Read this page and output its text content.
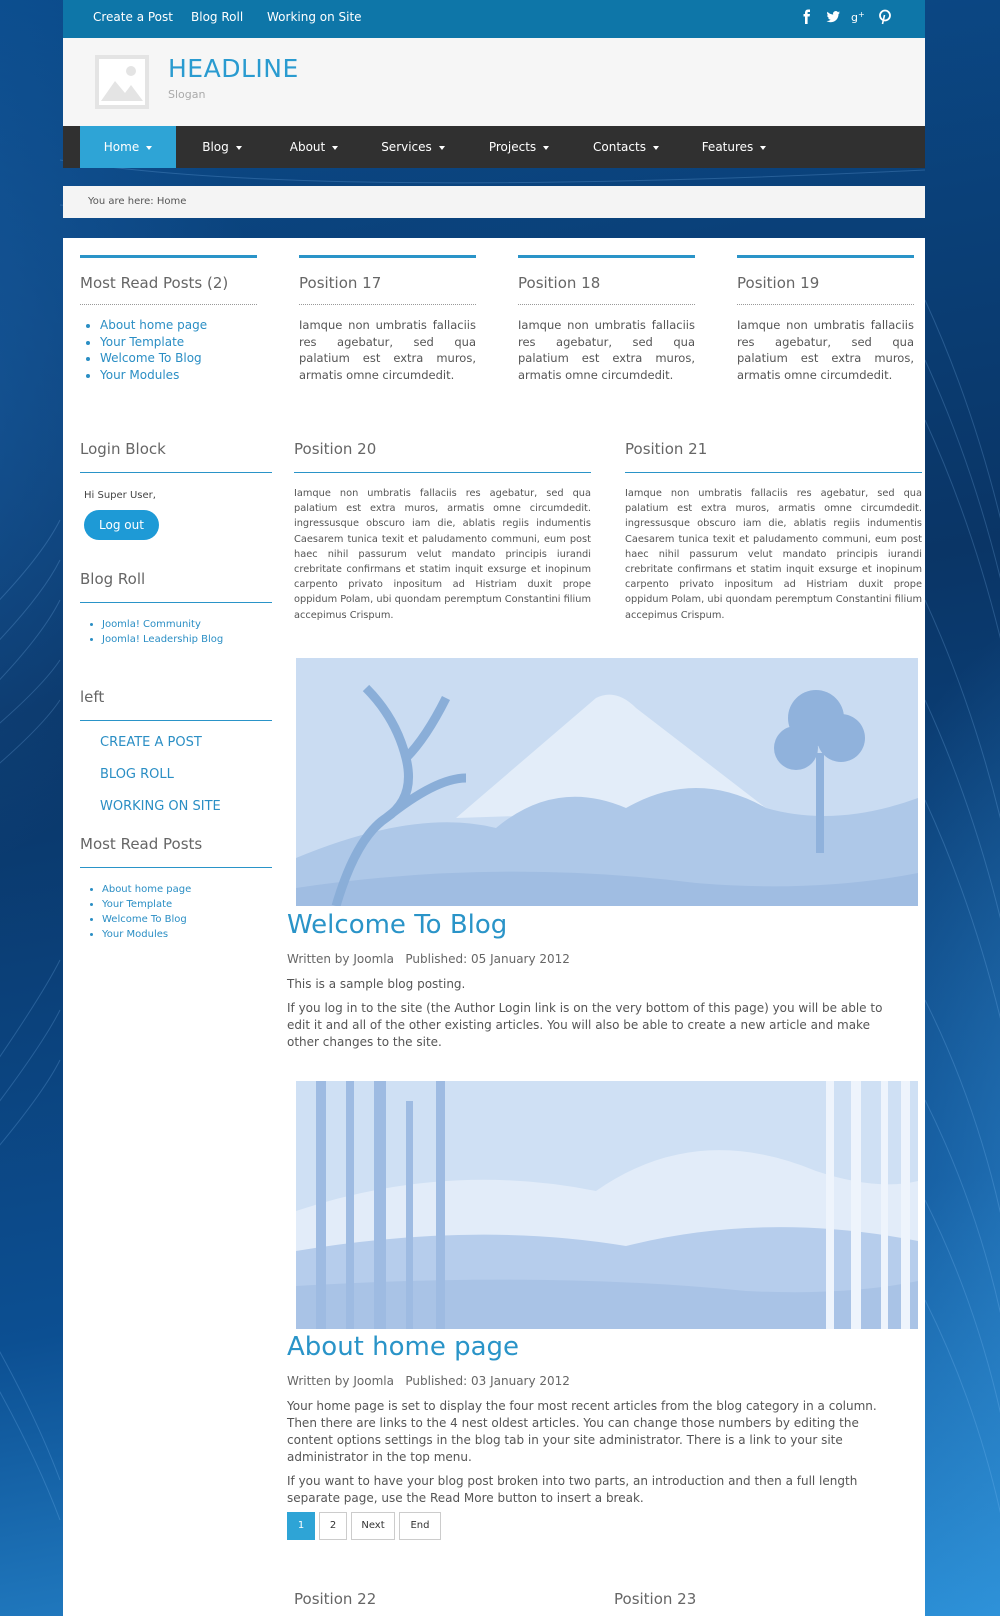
Create a Post Blog Roll Working on Site	g +
HEADLINE
Slogan
Home	Blog	About	Services	Projects	Contacts	Features
You are here: Home
Most Read Posts (2)
• About home page
• Your Template
• Welcome To Blog
• Your Modules
Position 17
Iamque non umbratis fallaciis res agebatur, sed qua palatium est extra muros, armatis omne circumdedit.
Position 18
Iamque non umbratis fallaciis res agebatur, sed qua palatium est extra muros, armatis omne circumdedit.
Position 19
Iamque non umbratis fallaciis res agebatur, sed qua palatium est extra muros, armatis omne circumdedit.
Login Block
Hi Super User,
Log out
Blog Roll
• Joomla! Community
• Joomla! Leadership Blog
left
CREATE A POST
BLOG ROLL
WORKING ON SITE
Most Read Posts
• About home page
• Your Template
• Welcome To Blog
• Your Modules
Position 20
Iamque non umbratis fallaciis res agebatur, sed qua palatium est extra muros, armatis omne circumdedit. ingressusque obscuro iam die, ablatis regiis indumentis Caesarem tunica texit et paludamento communi, eum post haec nihil passurum velut mandato principis iurandi crebritate confirmans et statim inquit exsurge et inopinum carpento privato inpositum ad Histriam duxit prope oppidum Polam, ubi quondam peremptum Constantini filium accepimus Crispum.
Position 21
Iamque non umbratis fallaciis res agebatur, sed qua palatium est extra muros, armatis omne circumdedit. ingressusque obscuro iam die, ablatis regiis indumentis Caesarem tunica texit et paludamento communi, eum post haec nihil passurum velut mandato principis iurandi crebritate confirmans et statim inquit exsurge et inopinum carpento privato inpositum ad Histriam duxit prope oppidum Polam, ubi quondam peremptum Constantini filium accepimus Crispum.
Welcome To Blog
Written by Joomla   Published: 05 January 2012
This is a sample blog posting.
If you log in to the site (the Author Login link is on the very bottom of this page) you will be able to edit it and all of the other existing articles. You will also be able to create a new article and make other changes to the site.
About home page
Written by Joomla   Published: 03 January 2012
Your home page is set to display the four most recent articles from the blog category in a column. Then there are links to the 4 nest oldest articles. You can change those numbers by editing the content options settings in the blog tab in your site administrator. There is a link to your site administrator in the top menu.
If you want to have your blog post broken into two parts, an introduction and then a full length separate page, use the Read More button to insert a break.
1	2	Next	End
Position 22	Position 23
